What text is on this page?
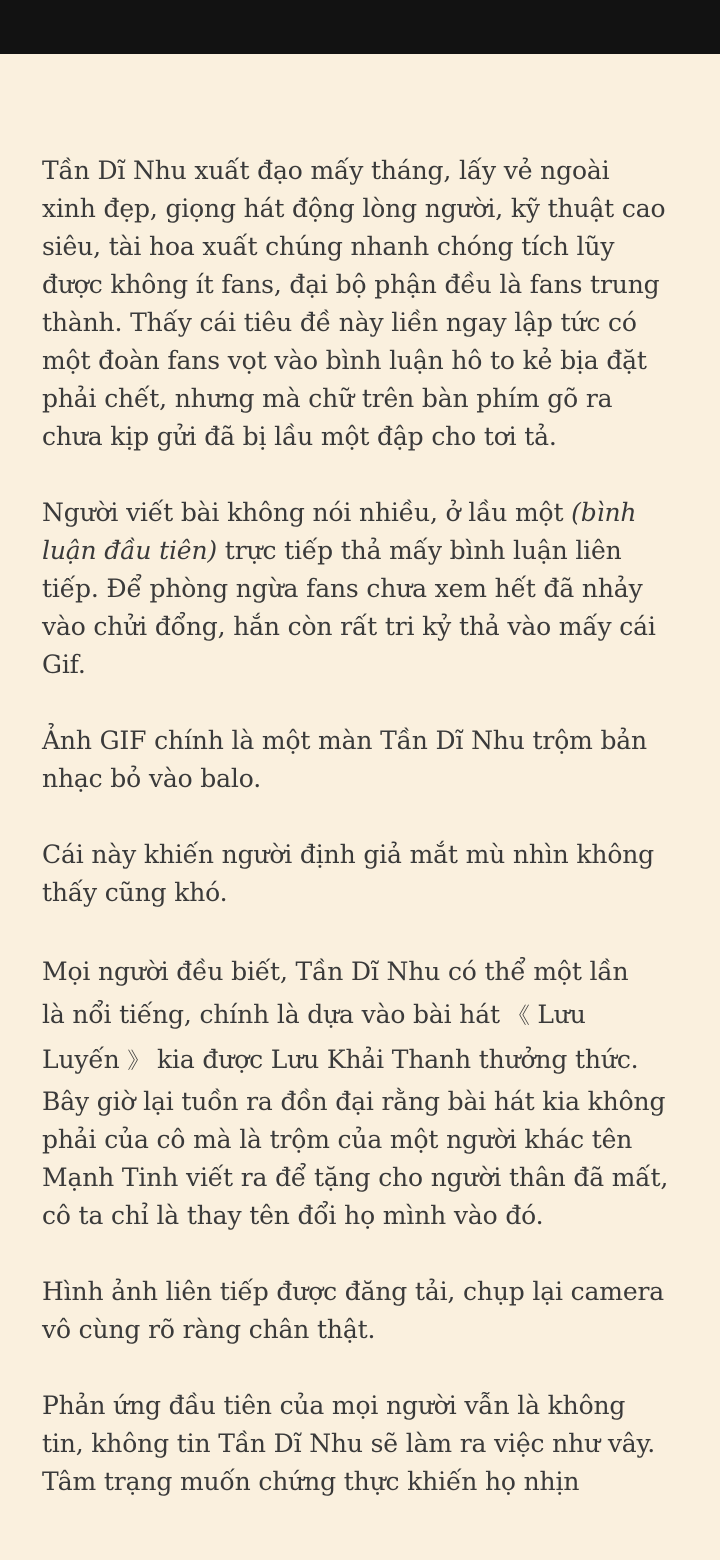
Tần Dĩ Nhu xuất đạo mấy tháng, lấy vẻ ngoài
xinh đẹp, giọng hát động lòng người, kỹ thuật cao
siêu, tài hoa xuất chúng nhanh chóng tích lũy
được không ít fans, đại bộ phận đều là fans trung
thành. Thấy cái tiêu đề này liền ngay lập tức có
một đoàn fans vọt vào bình luận hô to kẻ bịa đặt
phải chết, nhưng mà chữ trên bàn phím gõ ra
chưa kịp gửi đã bị lầu một đập cho tơi tả.

Người viết bài không nói nhiều, ở lầu một (bình
luận đầu tiên) trực tiếp thả mấy bình luận liên
tiếp. Để phòng ngừa fans chưa xem hết đã nhảy
vào chửi đổng, hắn còn rất tri kỷ thả vào mấy cái
Gif.

Ảnh GIF chính là một màn Tần Dĩ Nhu trộm bản
nhạc bỏ vào balo.

Cái này khiến người định giả mắt mù nhìn không
thấy cũng khó.

Mọi người đều biết, Tần Dĩ Nhu có thể một lần
là nổi tiếng, chính là dựa vào bài hát 《 Lưu
Luyến 》 kia được Lưu Khải Thanh thưởng thức.
Bây giờ lại tuồn ra đồn đại rằng bài hát kia không
phải của cô mà là trộm của một người khác tên
Mạnh Tinh viết ra để tặng cho người thân đã mất,
cô ta chỉ là thay tên đổi họ mình vào đó.

Hình ảnh liên tiếp được đăng tải, chụp lại camera
vô cùng rõ ràng chân thật.

Phản ứng đầu tiên của mọi người vẫn là không
tin, không tin Tần Dĩ Nhu sẽ làm ra việc như vây.
Tâm trạng muốn chứng thực khiến họ nhịn
